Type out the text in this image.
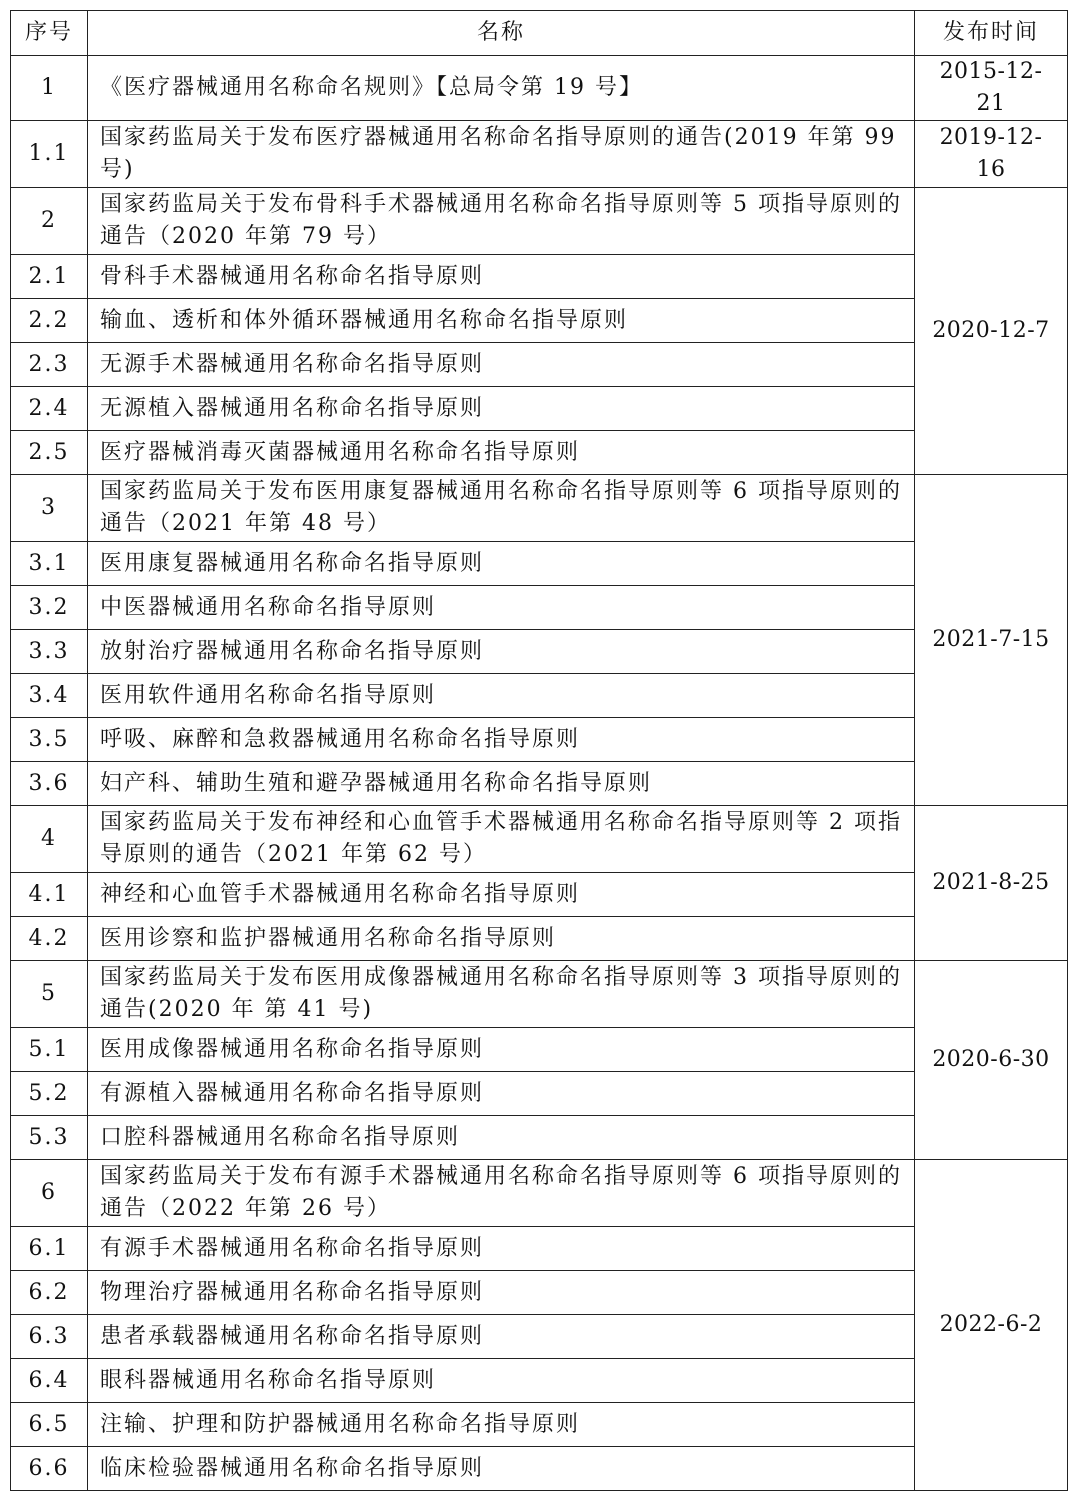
序号	名称	发布时间
1	《医疗器械通用名称命名规则》【总局令第 19 号】	2015-12-21
1.1	国家药监局关于发布医疗器械通用名称命名指导原则的通告(2019 年第 99 号)	2019-12-16
2	国家药监局关于发布骨科手术器械通用名称命名指导原则等 5 项指导原则的通告（2020 年第 79 号）	2020-12-7
2.1	骨科手术器械通用名称命名指导原则	
2.2	输血、透析和体外循环器械通用名称命名指导原则	
2.3	无源手术器械通用名称命名指导原则	
2.4	无源植入器械通用名称命名指导原则	
2.5	医疗器械消毒灭菌器械通用名称命名指导原则	
3	国家药监局关于发布医用康复器械通用名称命名指导原则等 6 项指导原则的通告（2021 年第 48 号）	2021-7-15
3.1	医用康复器械通用名称命名指导原则	
3.2	中医器械通用名称命名指导原则	
3.3	放射治疗器械通用名称命名指导原则	
3.4	医用软件通用名称命名指导原则	
3.5	呼吸、麻醉和急救器械通用名称命名指导原则	
3.6	妇产科、辅助生殖和避孕器械通用名称命名指导原则	
4	国家药监局关于发布神经和心血管手术器械通用名称命名指导原则等 2 项指导原则的通告（2021 年第 62 号）	2021-8-25
4.1	神经和心血管手术器械通用名称命名指导原则	
4.2	医用诊察和监护器械通用名称命名指导原则	
5	国家药监局关于发布医用成像器械通用名称命名指导原则等 3 项指导原则的通告(2020 年 第 41 号)	2020-6-30
5.1	医用成像器械通用名称命名指导原则	
5.2	有源植入器械通用名称命名指导原则	
5.3	口腔科器械通用名称命名指导原则	
6	国家药监局关于发布有源手术器械通用名称命名指导原则等 6 项指导原则的通告（2022 年第 26 号）	2022-6-2
6.1	有源手术器械通用名称命名指导原则	
6.2	物理治疗器械通用名称命名指导原则	
6.3	患者承载器械通用名称命名指导原则	
6.4	眼科器械通用名称命名指导原则	
6.5	注输、护理和防护器械通用名称命名指导原则	
6.6	临床检验器械通用名称命名指导原则	
